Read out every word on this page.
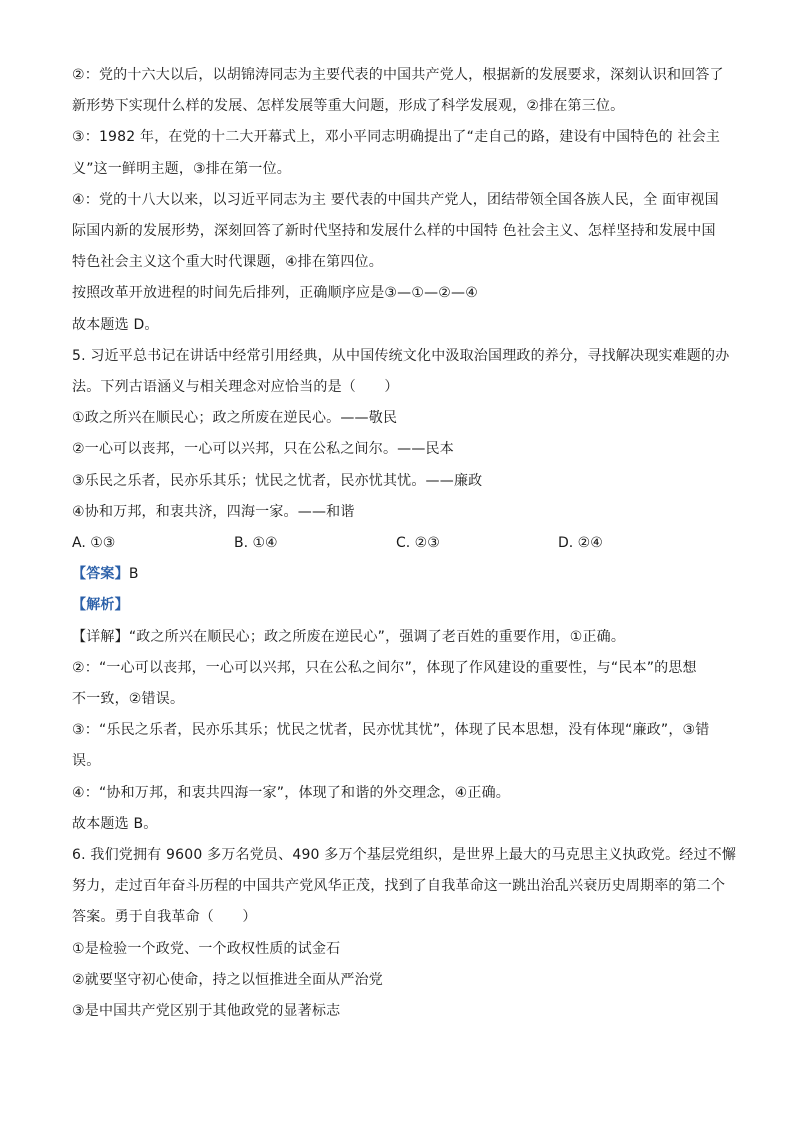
②：党的十六大以后，以胡锦涛同志为主要代表的中国共产党人，根据新的发展要求，深刻认识和回答了
新形势下实现什么样的发展、怎样发展等重大问题，形成了科学发展观，②排在第三位。
③：1982 年，在党的十二大开幕式上，邓小平同志明确提出了“走自己的路，建设有中国特色的 社会主
义”这一鲜明主题，③排在第一位。
④：党的十八大以来，以习近平同志为主 要代表的中国共产党人，团结带领全国各族人民，全 面审视国
际国内新的发展形势，深刻回答了新时代坚持和发展什么样的中国特 色社会主义、怎样坚持和发展中国
特色社会主义这个重大时代课题，④排在第四位。
按照改革开放进程的时间先后排列，正确顺序应是③—①—②—④
故本题选 D。
5. 习近平总书记在讲话中经常引用经典，从中国传统文化中汲取治国理政的养分，寻找解决现实难题的办
法。下列古语涵义与相关理念对应恰当的是（　　）
①政之所兴在顺民心；政之所废在逆民心。——敬民
②一心可以丧邦，一心可以兴邦，只在公私之间尔。——民本
③乐民之乐者，民亦乐其乐；忧民之忧者，民亦忧其忧。——廉政
④协和万邦，和衷共济，四海一家。——和谐
A. ①③	B. ①④	C. ②③	D. ②④
【答案】B
【解析】
【详解】“政之所兴在顺民心；政之所废在逆民心”，强调了老百姓的重要作用，①正确。
②：“一心可以丧邦，一心可以兴邦，只在公私之间尔”，体现了作风建设的重要性，与“民本”的思想
不一致，②错误。
③：“乐民之乐者，民亦乐其乐；忧民之忧者，民亦忧其忧”，体现了民本思想，没有体现“廉政”，③错
误。
④：“协和万邦，和衷共四海一家”，体现了和谐的外交理念，④正确。
故本题选 B。
6. 我们党拥有 9600 多万名党员、490 多万个基层党组织，是世界上最大的马克思主义执政党。经过不懈
努力，走过百年奋斗历程的中国共产党风华正茂，找到了自我革命这一跳出治乱兴衰历史周期率的第二个
答案。勇于自我革命（　　）
①是检验一个政党、一个政权性质的试金石
②就要坚守初心使命，持之以恒推进全面从严治党
③是中国共产党区别于其他政党的显著标志
